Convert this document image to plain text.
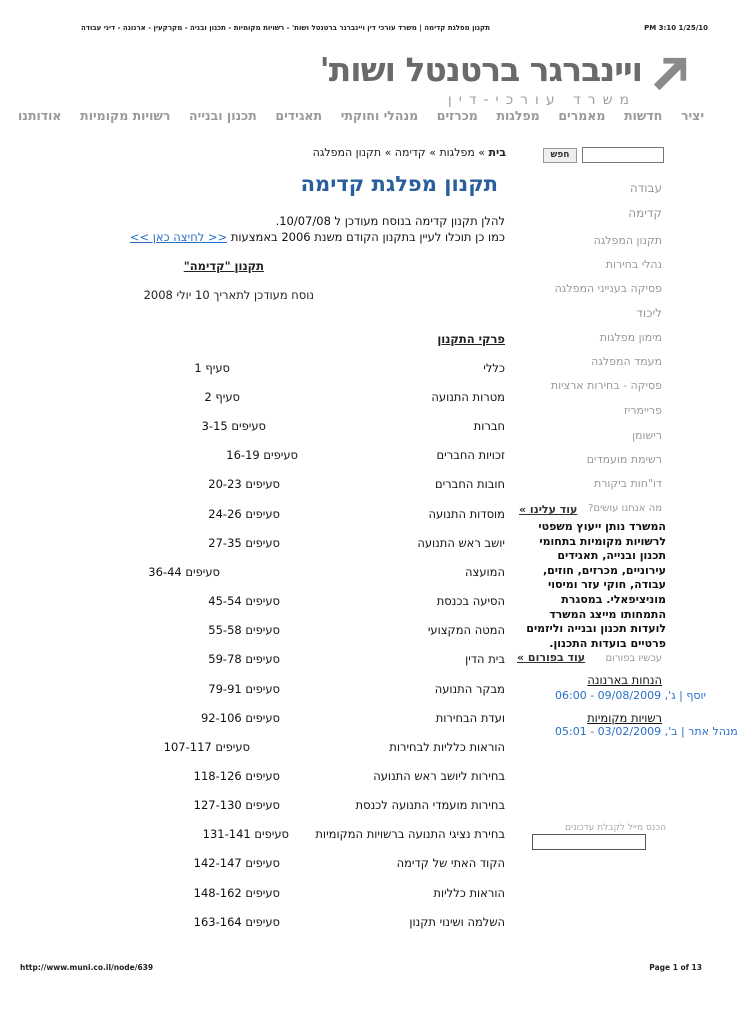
1/25/10 3:10 PM
תקנון מפלגת קדימה | משרד עורכי דין ויינברגר ברטנטל ושות' - רשויות מקומיות - תכנון ובניה - מקרקעין - ארנונה - דיני עבודה
ויינברגר ברטנטל ושות'
משרד עורכי-דין
אודותנו רשויות מקומיות תכנון ובנייה תאגידים מנהלי וחוקתי מכרזים מפלגות מאמרים חדשות יציר
חפש
עבודה
קדימה
תקנון המפלגה
נהלי בחירות
פסיקה בענייני המפלגה
ליכוד
מימון מפלגות
מעמד המפלגה
פסיקה - בחירות ארציות
פריימריז
רישומן
רשימת מועמדים
דו"חות ביקורת
מה אנחנו עושים?
עוד עלינו »
המשרד נותן ייעוץ משפטי לרשויות מקומיות בתחומי תכנון ובנייה, תאגידים עירוניים, מכרזים, חוזים, עבודה, חוקי עזר ומיסוי מוניציפאלי. במסגרת התמחותו מייצג המשרד לועדות תכנון ובנייה וליזמים פרטיים בועדות התכנון.
עכשיו בפורום
עוד בפורום »
הנחות בארנונה
יוסף | ג', 09/08/2009 - 06:00
רשויות מקומיות
מנהל אתר | ב', 03/02/2009 - 05:01
הכנס מייל לקבלת עדכונים
בית » מפלגות » קדימה » תקנון המפלגה
תקנון מפלגת קדימה
להלן תקנון קדימה בנוסח מעודכן ל 10/07/08.
כמו כן תוכלו לעיין בתקנון הקודם משנת 2006 באמצעות << לחיצה כאן >>
תקנון "קדימה"
נוסח מעודכן לתאריך 10 יולי 2008
פרקי התקנון
כללי
סעיף 1
מטרות התנועה
סעיף 2
חברות
סעיפים 3-15
זכויות החברים
סעיפים 16-19
חובות החברים
סעיפים 20-23
מוסדות התנועה
סעיפים 24-26
יושב ראש התנועה
סעיפים 27-35
המועצה
סעיפים 36-44
הסיעה בכנסת
סעיפים 45-54
המטה המקצועי
סעיפים 55-58
בית הדין
סעיפים 59-78
מבקר התנועה
סעיפים 79-91
ועדת הבחירות
סעיפים 92-106
הוראות כלליות לבחירות
סעיפים 107-117
בחירות ליושב ראש התנועה
סעיפים 118-126
בחירות מועמדי התנועה לכנסת
סעיפים 127-130
בחירת נציגי התנועה ברשויות המקומיות
סעיפים 131-141
הקוד האתי של קדימה
סעיפים 142-147
הוראות כלליות
סעיפים 148-162
השלמה ושינוי תקנון
סעיפים 163-164
http://www.muni.co.il/node/639	Page 1 of 13
